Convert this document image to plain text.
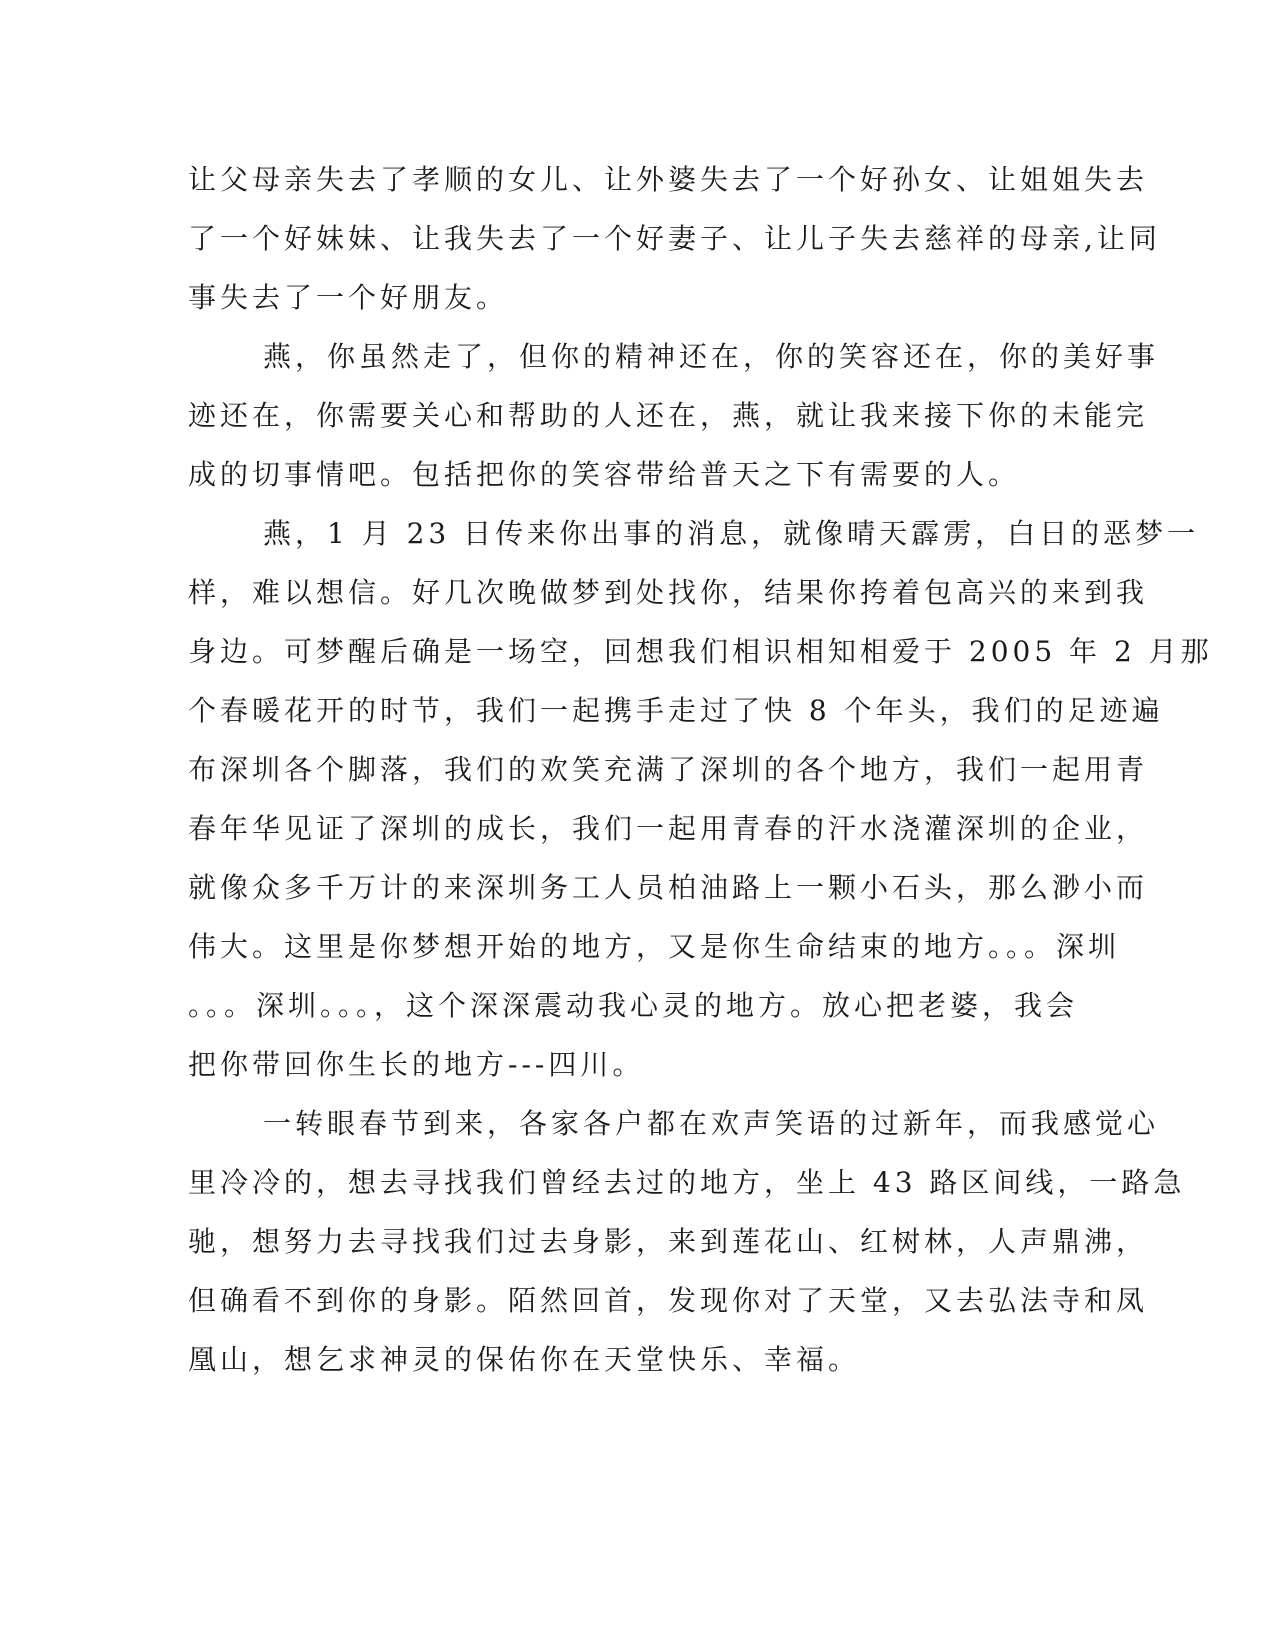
让父母亲失去了孝顺的女儿、让外婆失去了一个好孙女、让姐姐失去
了一个好妹妹、让我失去了一个好妻子、让儿子失去慈祥的母亲,让同
事失去了一个好朋友。
燕，你虽然走了，但你的精神还在，你的笑容还在，你的美好事
迹还在，你需要关心和帮助的人还在，燕，就让我来接下你的未能完
成的切事情吧。包括把你的笑容带给普天之下有需要的人。
燕，1 月 23 日传来你出事的消息，就像晴天霹雳，白日的恶梦一
样，难以想信。好几次晚做梦到处找你，结果你挎着包高兴的来到我
身边。可梦醒后确是一场空，回想我们相识相知相爱于 2005 年 2 月那
个春暖花开的时节，我们一起携手走过了快 8 个年头，我们的足迹遍
布深圳各个脚落，我们的欢笑充满了深圳的各个地方，我们一起用青
春年华见证了深圳的成长，我们一起用青春的汗水浇灌深圳的企业，
就像众多千万计的来深圳务工人员柏油路上一颗小石头，那么渺小而
伟大。这里是你梦想开始的地方，又是你生命结束的地方。。。深圳
。。。深圳。。。，这个深深震动我心灵的地方。放心把老婆，我会
把你带回你生长的地方---四川。
一转眼春节到来，各家各户都在欢声笑语的过新年，而我感觉心
里冷冷的，想去寻找我们曾经去过的地方，坐上 43 路区间线，一路急
驰，想努力去寻找我们过去身影，来到莲花山、红树林，人声鼎沸，
但确看不到你的身影。陌然回首，发现你对了天堂，又去弘法寺和凤
凰山，想乞求神灵的保佑你在天堂快乐、幸福。
